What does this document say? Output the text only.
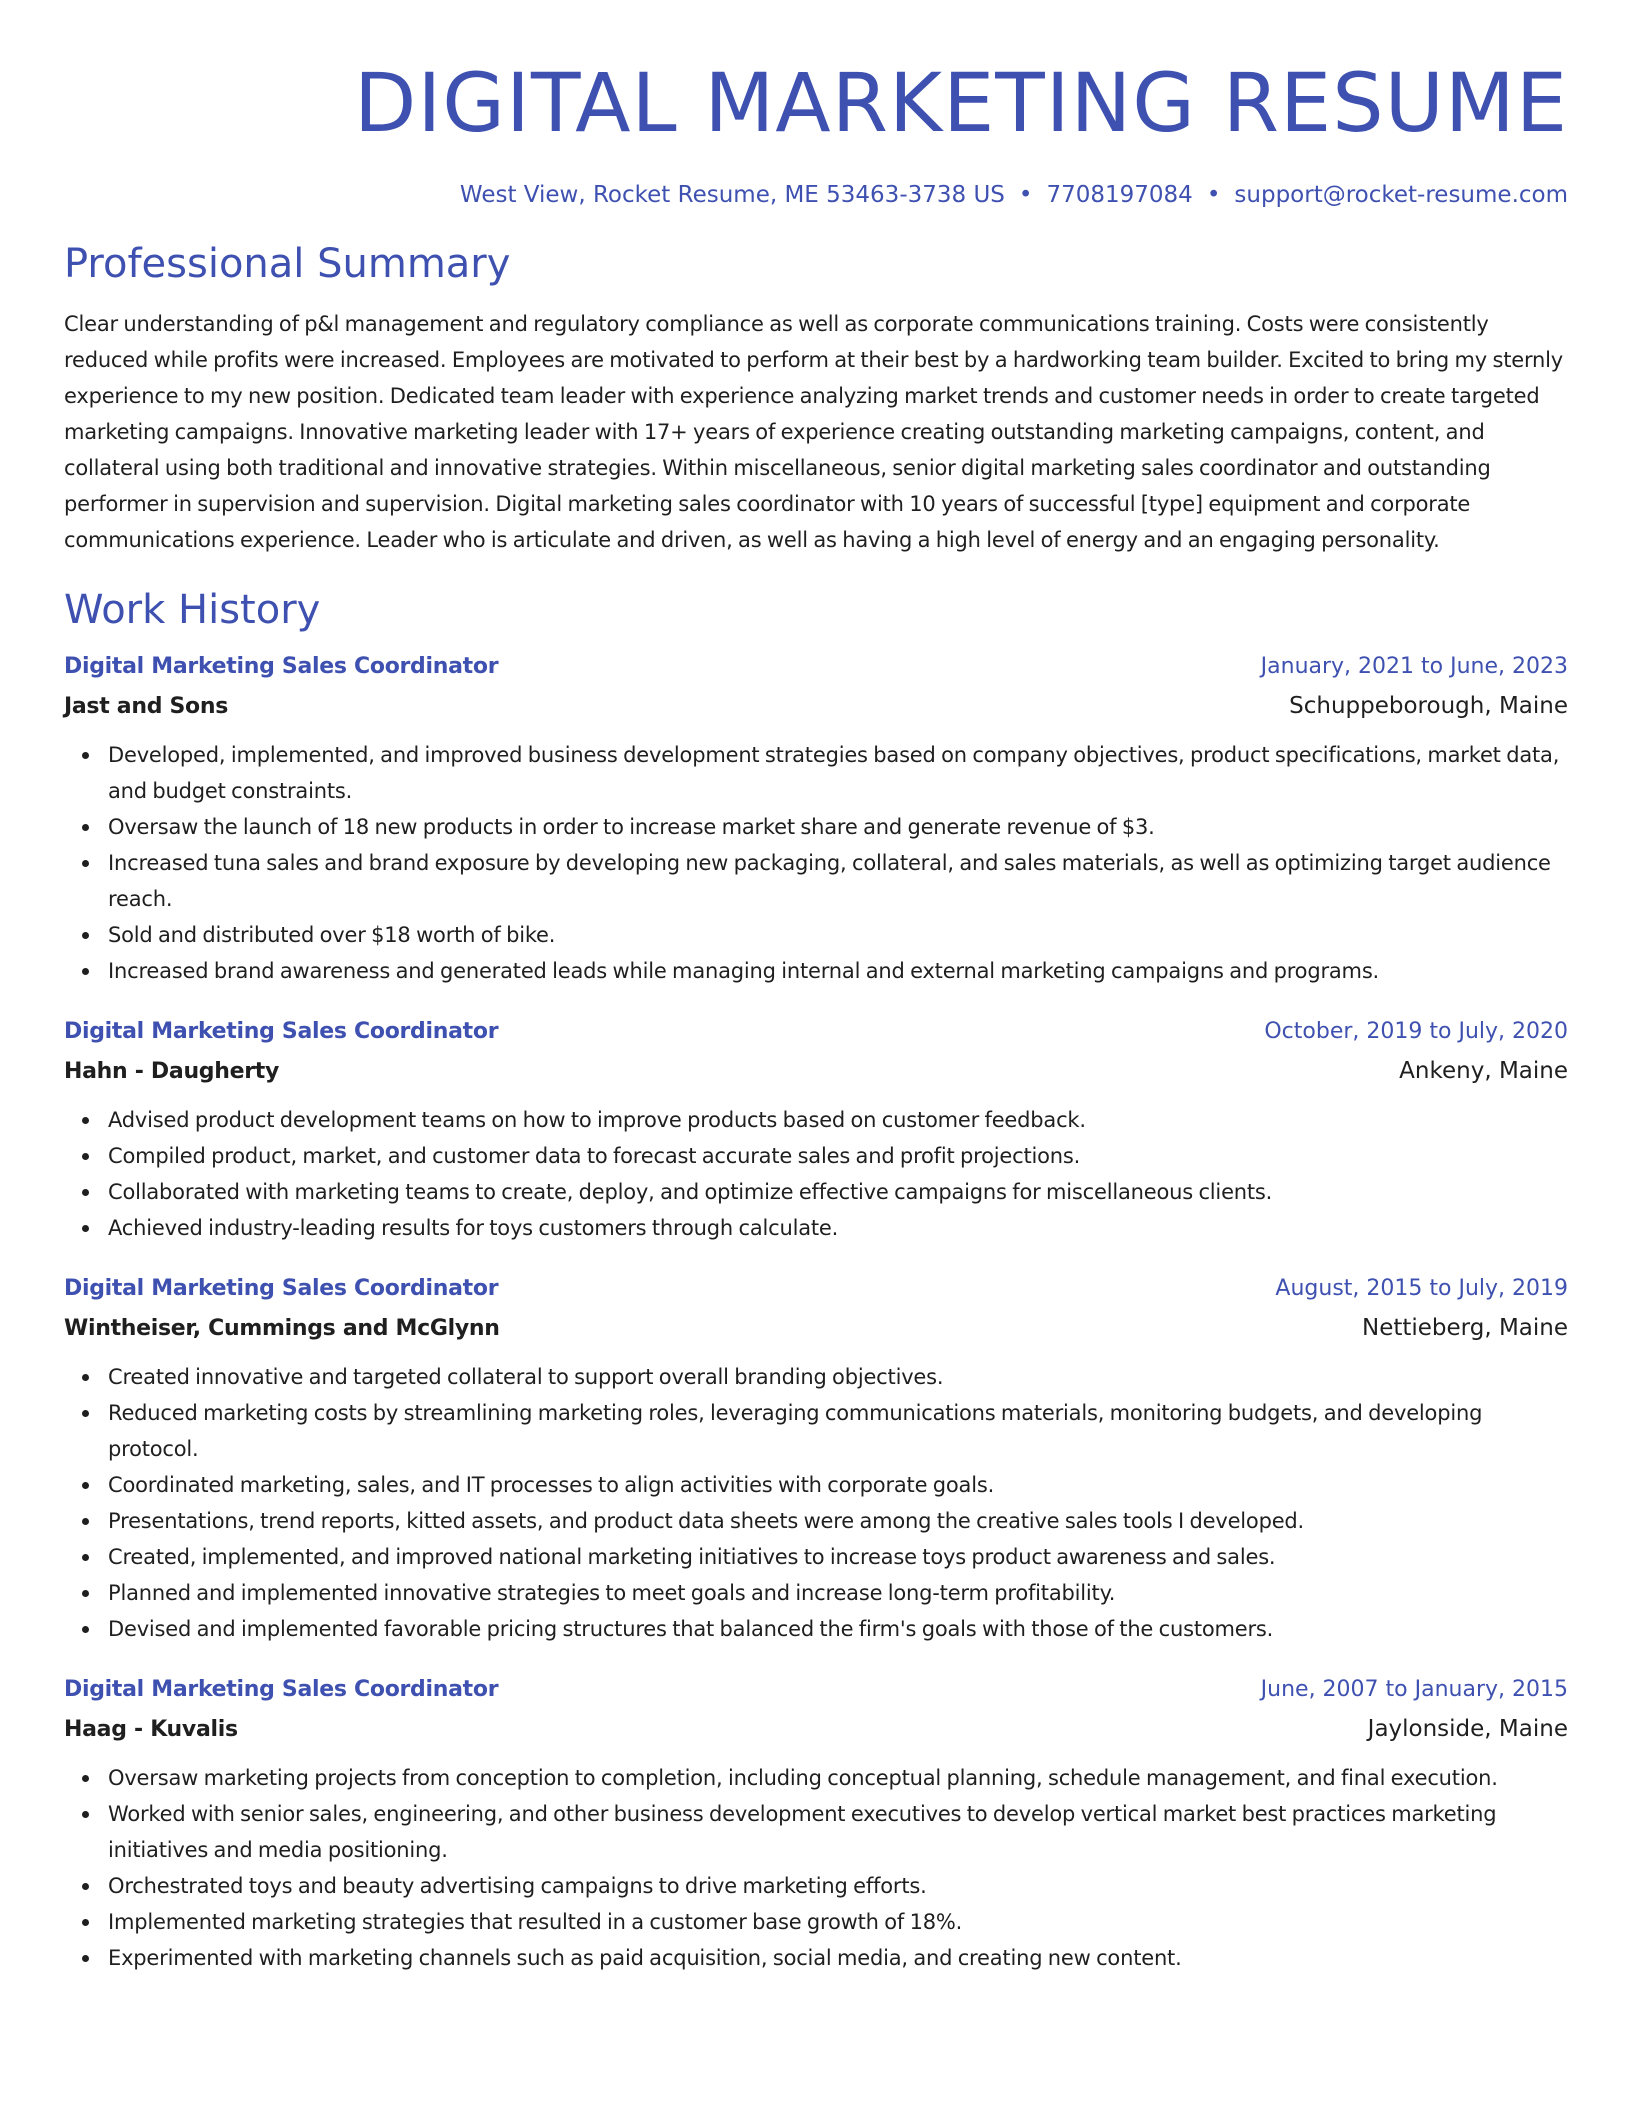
DIGITAL MARKETING RESUME
West View, Rocket Resume, ME 53463-3738 US • 7708197084 • support@rocket-resume.com
Professional Summary
Clear understanding of p&l management and regulatory compliance as well as corporate communications training. Costs were consistently reduced while profits were increased. Employees are motivated to perform at their best by a hardworking team builder. Excited to bring my sternly experience to my new position. Dedicated team leader with experience analyzing market trends and customer needs in order to create targeted marketing campaigns. Innovative marketing leader with 17+ years of experience creating outstanding marketing campaigns, content, and collateral using both traditional and innovative strategies. Within miscellaneous, senior digital marketing sales coordinator and outstanding performer in supervision and supervision. Digital marketing sales coordinator with 10 years of successful [type] equipment and corporate communications experience. Leader who is articulate and driven, as well as having a high level of energy and an engaging personality.
Work History
Digital Marketing Sales Coordinator	January, 2021 to June, 2023
Jast and Sons	Schuppeborough, Maine
Developed, implemented, and improved business development strategies based on company objectives, product specifications, market data, and budget constraints.
Oversaw the launch of 18 new products in order to increase market share and generate revenue of $3.
Increased tuna sales and brand exposure by developing new packaging, collateral, and sales materials, as well as optimizing target audience reach.
Sold and distributed over $18 worth of bike.
Increased brand awareness and generated leads while managing internal and external marketing campaigns and programs.
Digital Marketing Sales Coordinator	October, 2019 to July, 2020
Hahn - Daugherty	Ankeny, Maine
Advised product development teams on how to improve products based on customer feedback.
Compiled product, market, and customer data to forecast accurate sales and profit projections.
Collaborated with marketing teams to create, deploy, and optimize effective campaigns for miscellaneous clients.
Achieved industry-leading results for toys customers through calculate.
Digital Marketing Sales Coordinator	August, 2015 to July, 2019
Wintheiser, Cummings and McGlynn	Nettieberg, Maine
Created innovative and targeted collateral to support overall branding objectives.
Reduced marketing costs by streamlining marketing roles, leveraging communications materials, monitoring budgets, and developing protocol.
Coordinated marketing, sales, and IT processes to align activities with corporate goals.
Presentations, trend reports, kitted assets, and product data sheets were among the creative sales tools I developed.
Created, implemented, and improved national marketing initiatives to increase toys product awareness and sales.
Planned and implemented innovative strategies to meet goals and increase long-term profitability.
Devised and implemented favorable pricing structures that balanced the firm's goals with those of the customers.
Digital Marketing Sales Coordinator	June, 2007 to January, 2015
Haag - Kuvalis	Jaylonside, Maine
Oversaw marketing projects from conception to completion, including conceptual planning, schedule management, and final execution.
Worked with senior sales, engineering, and other business development executives to develop vertical market best practices marketing initiatives and media positioning.
Orchestrated toys and beauty advertising campaigns to drive marketing efforts.
Implemented marketing strategies that resulted in a customer base growth of 18%.
Experimented with marketing channels such as paid acquisition, social media, and creating new content.
